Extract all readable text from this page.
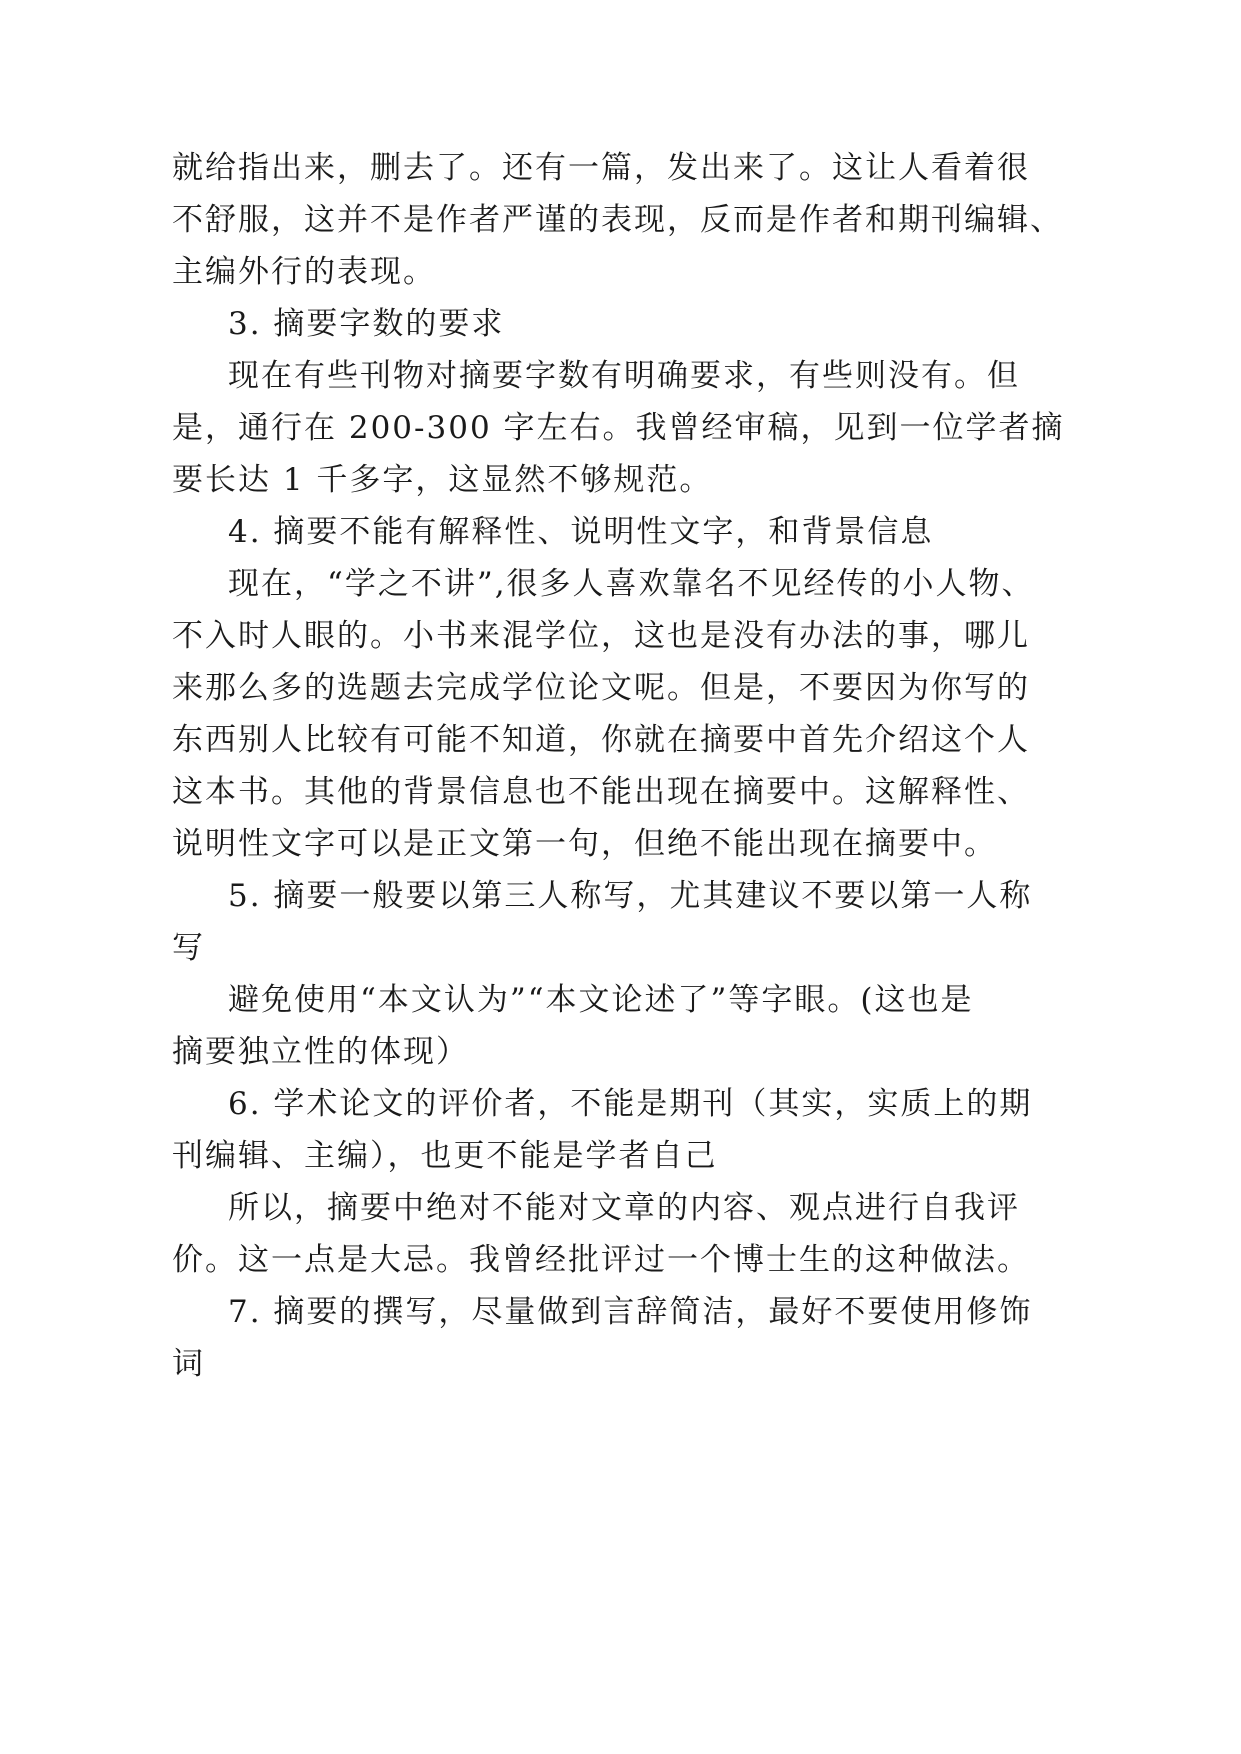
就给指出来，删去了。还有一篇，发出来了。这让人看着很
不舒服，这并不是作者严谨的表现，反而是作者和期刊编辑、
主编外行的表现。
3. 摘要字数的要求
现在有些刊物对摘要字数有明确要求，有些则没有。但
是，通行在 200-300 字左右。我曾经审稿，见到一位学者摘
要长达 1 千多字，这显然不够规范。
4. 摘要不能有解释性、说明性文字，和背景信息
现在，“学之不讲”,很多人喜欢靠名不见经传的小人物、
不入时人眼的。小书来混学位，这也是没有办法的事，哪儿
来那么多的选题去完成学位论文呢。但是，不要因为你写的
东西别人比较有可能不知道，你就在摘要中首先介绍这个人
这本书。其他的背景信息也不能出现在摘要中。这解释性、
说明性文字可以是正文第一句，但绝不能出现在摘要中。
5. 摘要一般要以第三人称写，尤其建议不要以第一人称
写
避免使用“本文认为”“本文论述了”等字眼。(这也是
摘要独立性的体现）
6. 学术论文的评价者，不能是期刊（其实，实质上的期
刊编辑、主编），也更不能是学者自己
所以，摘要中绝对不能对文章的内容、观点进行自我评
价。这一点是大忌。我曾经批评过一个博士生的这种做法。
7. 摘要的撰写，尽量做到言辞简洁，最好不要使用修饰
词
